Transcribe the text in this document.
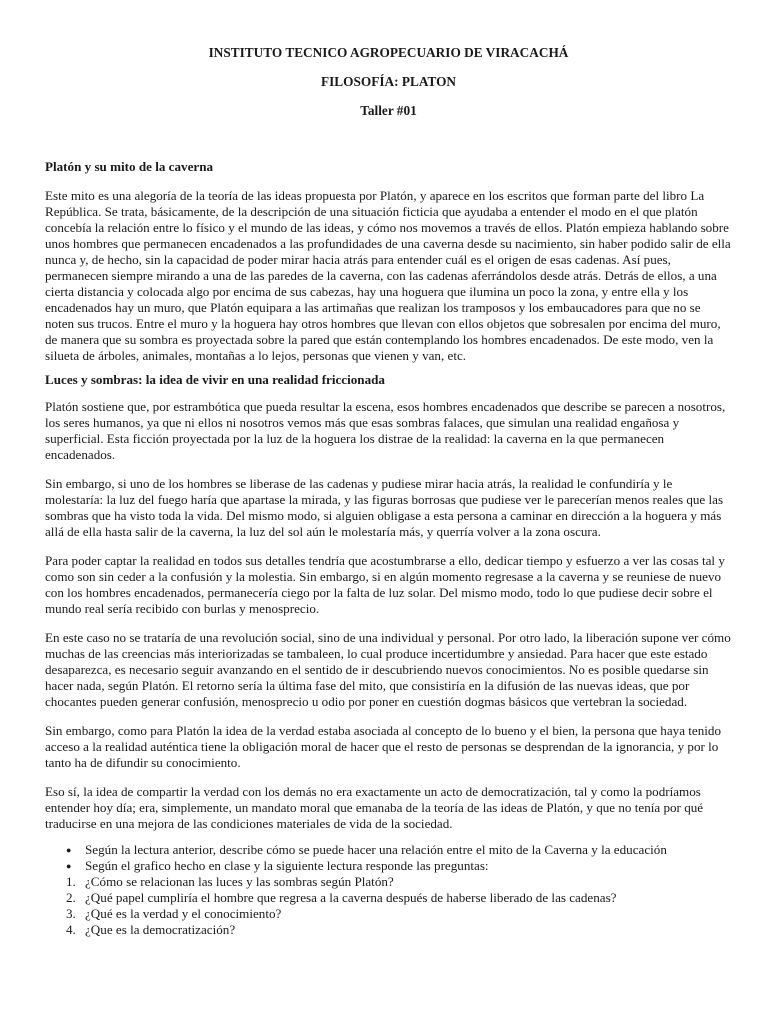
INSTITUTO TECNICO AGROPECUARIO DE VIRACACHÁ

FILOSOFÍA: PLATON

Taller #01

Platón y su mito de la caverna

Este mito es una alegoría de la teoría de las ideas propuesta por Platón, y aparece en los escritos que forman parte del libro La República. Se trata, básicamente, de la descripción de una situación ficticia que ayudaba a entender el modo en el que platón concebía la relación entre lo físico y el mundo de las ideas, y cómo nos movemos a través de ellos. Platón empieza hablando sobre unos hombres que permanecen encadenados a las profundidades de una caverna desde su nacimiento, sin haber podido salir de ella nunca y, de hecho, sin la capacidad de poder mirar hacia atrás para entender cuál es el origen de esas cadenas. Así pues, permanecen siempre mirando a una de las paredes de la caverna, con las cadenas aferrándolos desde atrás. Detrás de ellos, a una cierta distancia y colocada algo por encima de sus cabezas, hay una hoguera que ilumina un poco la zona, y entre ella y los encadenados hay un muro, que Platón equipara a las artimañas que realizan los tramposos y los embaucadores para que no se noten sus trucos. Entre el muro y la hoguera hay otros hombres que llevan con ellos objetos que sobresalen por encima del muro, de manera que su sombra es proyectada sobre la pared que están contemplando los hombres encadenados. De este modo, ven la silueta de árboles, animales, montañas a lo lejos, personas que vienen y van, etc.

Luces y sombras: la idea de vivir en una realidad friccionada

Platón sostiene que, por estrambótica que pueda resultar la escena, esos hombres encadenados que describe se parecen a nosotros, los seres humanos, ya que ni ellos ni nosotros vemos más que esas sombras falaces, que simulan una realidad engañosa y superficial. Esta ficción proyectada por la luz de la hoguera los distrae de la realidad: la caverna en la que permanecen encadenados.

Sin embargo, si uno de los hombres se liberase de las cadenas y pudiese mirar hacia atrás, la realidad le confundiría y le molestaría: la luz del fuego haría que apartase la mirada, y las figuras borrosas que pudiese ver le parecerían menos reales que las sombras que ha visto toda la vida. Del mismo modo, si alguien obligase a esta persona a caminar en dirección a la hoguera y más allá de ella hasta salir de la caverna, la luz del sol aún le molestaría más, y querría volver a la zona oscura.

Para poder captar la realidad en todos sus detalles tendría que acostumbrarse a ello, dedicar tiempo y esfuerzo a ver las cosas tal y como son sin ceder a la confusión y la molestia. Sin embargo, si en algún momento regresase a la caverna y se reuniese de nuevo con los hombres encadenados, permanecería ciego por la falta de luz solar. Del mismo modo, todo lo que pudiese decir sobre el mundo real sería recibido con burlas y menosprecio.

En este caso no se trataría de una revolución social, sino de una individual y personal. Por otro lado, la liberación supone ver cómo muchas de las creencias más interiorizadas se tambaleen, lo cual produce incertidumbre y ansiedad. Para hacer que este estado desaparezca, es necesario seguir avanzando en el sentido de ir descubriendo nuevos conocimientos. No es posible quedarse sin hacer nada, según Platón. El retorno sería la última fase del mito, que consistiría en la difusión de las nuevas ideas, que por chocantes pueden generar confusión, menosprecio u odio por poner en cuestión dogmas básicos que vertebran la sociedad.

Sin embargo, como para Platón la idea de la verdad estaba asociada al concepto de lo bueno y el bien, la persona que haya tenido acceso a la realidad auténtica tiene la obligación moral de hacer que el resto de personas se desprendan de la ignorancia, y por lo tanto ha de difundir su conocimiento.

Eso sí, la idea de compartir la verdad con los demás no era exactamente un acto de democratización, tal y como la podríamos entender hoy día; era, simplemente, un mandato moral que emanaba de la teoría de las ideas de Platón, y que no tenía por qué traducirse en una mejora de las condiciones materiales de vida de la sociedad.

● Según la lectura anterior, describe cómo se puede hacer una relación entre el mito de la Caverna y la educación
● Según el grafico hecho en clase y la siguiente lectura responde las preguntas:
1. ¿Cómo se relacionan las luces y las sombras según Platón?
2. ¿Qué papel cumpliría el hombre que regresa a la caverna después de haberse liberado de las cadenas?
3. ¿Qué es la verdad y el conocimiento?
4. ¿Que es la democratización?
